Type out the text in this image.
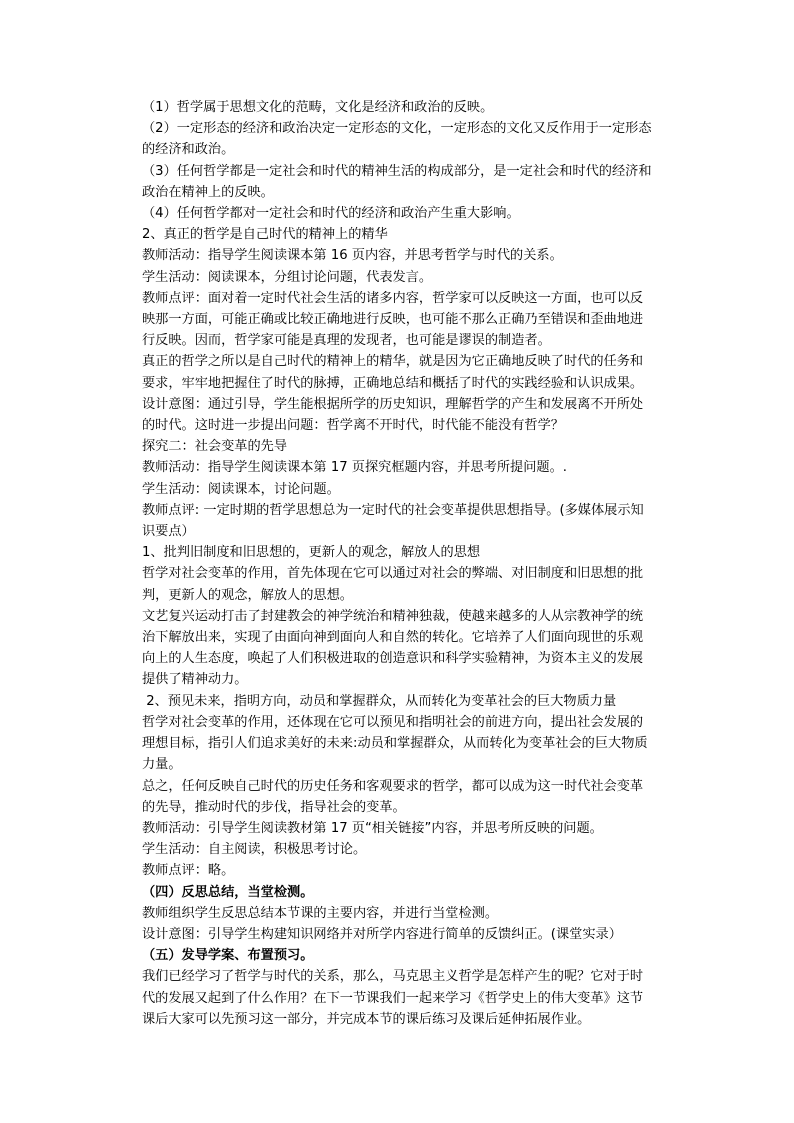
（1）哲学属于思想文化的范畴，文化是经济和政治的反映。
（2）一定形态的经济和政治决定一定形态的文化，一定形态的文化又反作用于一定形态
的经济和政治。
（3）任何哲学都是一定社会和时代的精神生活的构成部分，是一定社会和时代的经济和
政治在精神上的反映。
（4）任何哲学都对一定社会和时代的经济和政治产生重大影响。
2、真正的哲学是自己时代的精神上的精华
教师活动：指导学生阅读课本第 16 页内容，并思考哲学与时代的关系。
学生活动：阅读课本，分组讨论问题，代表发言。
教师点评：面对着一定时代社会生活的诸多内容，哲学家可以反映这一方面，也可以反
映那一方面，可能正确或比较正确地进行反映，也可能不那么正确乃至错误和歪曲地进
行反映。因而，哲学家可能是真理的发现者，也可能是谬误的制造者。
真正的哲学之所以是自己时代的精神上的精华，就是因为它正确地反映了时代的任务和
要求，牢牢地把握住了时代的脉搏，正确地总结和概括了时代的实践经验和认识成果。
设计意图：通过引导，学生能根据所学的历史知识，理解哲学的产生和发展离不开所处
的时代。这时进一步提出问题：哲学离不开时代，时代能不能没有哲学？
探究二：社会变革的先导
教师活动：指导学生阅读课本第 17 页探究框题内容，并思考所提问题。.
学生活动：阅读课本，讨论问题。
教师点评: 一定时期的哲学思想总为一定时代的社会变革提供思想指导。(多媒体展示知
识要点）
1、批判旧制度和旧思想的，更新人的观念，解放人的思想
哲学对社会变革的作用，首先体现在它可以通过对社会的弊端、对旧制度和旧思想的批
判，更新人的观念，解放人的思想。
文艺复兴运动打击了封建教会的神学统治和精神独裁，使越来越多的人从宗教神学的统
治下解放出来，实现了由面向神到面向人和自然的转化。它培养了人们面向现世的乐观
向上的人生态度，唤起了人们积极进取的创造意识和科学实验精神，为资本主义的发展
提供了精神动力。
2、预见未来，指明方向，动员和掌握群众，从而转化为变革社会的巨大物质力量
哲学对社会变革的作用，还体现在它可以预见和指明社会的前进方向，提出社会发展的
理想目标，指引人们追求美好的未来:动员和掌握群众，从而转化为变革社会的巨大物质
力量。
总之，任何反映自己时代的历史任务和客观要求的哲学，都可以成为这一时代社会变革
的先导，推动时代的步伐，指导社会的变革。
教师活动：引导学生阅读教材第 17 页“相关链接”内容，并思考所反映的问题。
学生活动：自主阅读，积极思考讨论。
教师点评：略。
（四）反思总结，当堂检测。
教师组织学生反思总结本节课的主要内容，并进行当堂检测。
设计意图：引导学生构建知识网络并对所学内容进行简单的反馈纠正。(课堂实录）
（五）发导学案、布置预习。
我们已经学习了哲学与时代的关系，那么，马克思主义哲学是怎样产生的呢？它对于时
代的发展又起到了什么作用？在下一节课我们一起来学习《哲学史上的伟大变革》这节
课后大家可以先预习这一部分，并完成本节的课后练习及课后延伸拓展作业。
